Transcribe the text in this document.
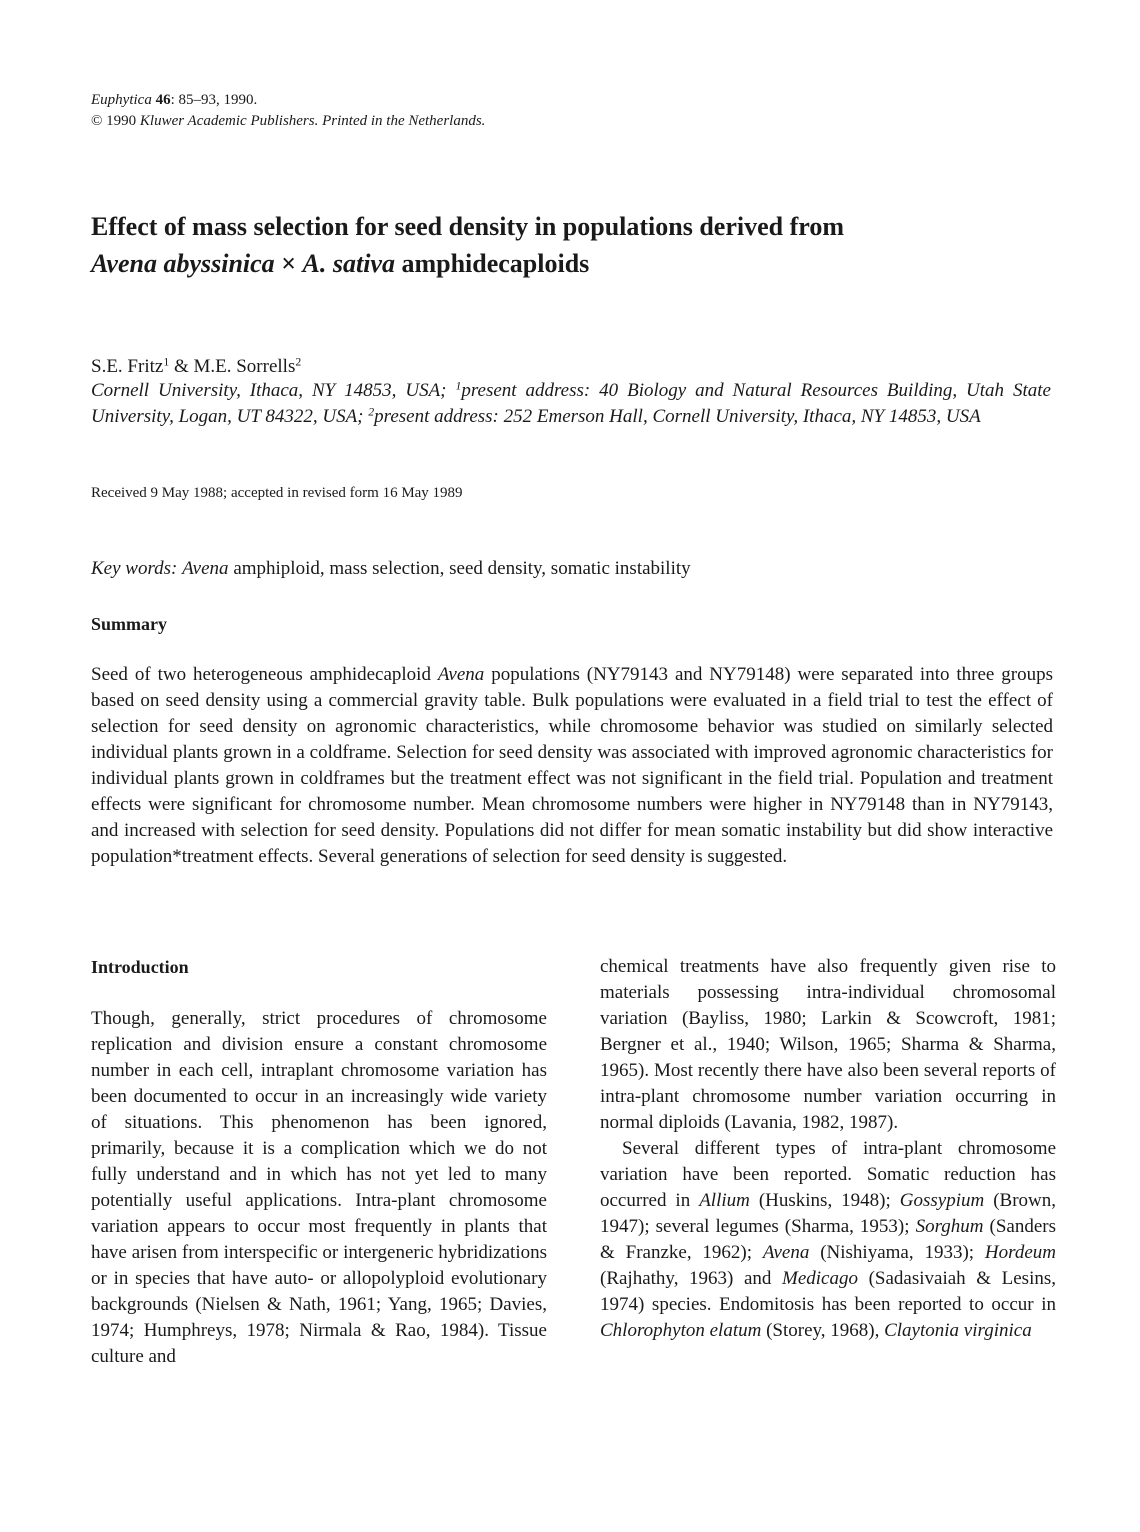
Euphytica 46: 85–93, 1990.
© 1990 Kluwer Academic Publishers. Printed in the Netherlands.
Effect of mass selection for seed density in populations derived from
Avena abyssinica × A. sativa amphidecaploids
S.E. Fritz$^1$ & M.E. Sorrells$^2$
Cornell University, Ithaca, NY 14853, USA; $^1$present address: 40 Biology and Natural Resources Building, Utah State University, Logan, UT 84322, USA; $^2$present address: 252 Emerson Hall, Cornell University, Ithaca, NY 14853, USA
Received 9 May 1988; accepted in revised form 16 May 1989
Key words: Avena amphiploid, mass selection, seed density, somatic instability
Summary
Seed of two heterogeneous amphidecaploid Avena populations (NY79143 and NY79148) were separated into three groups based on seed density using a commercial gravity table. Bulk populations were evaluated in a field trial to test the effect of selection for seed density on agronomic characteristics, while chromosome behavior was studied on similarly selected individual plants grown in a coldframe. Selection for seed density was associated with improved agronomic characteristics for individual plants grown in coldframes but the treatment effect was not significant in the field trial. Population and treatment effects were significant for chromosome number. Mean chromosome numbers were higher in NY79148 than in NY79143, and increased with selection for seed density. Populations did not differ for mean somatic instability but did show interactive population*treatment effects. Several generations of selection for seed density is suggested.
Introduction

Though, generally, strict procedures of chromosome replication and division ensure a constant chromosome number in each cell, intraplant chromosome variation has been documented to occur in an increasingly wide variety of situations. This phenomenon has been ignored, primarily, because it is a complication which we do not fully understand and in which has not yet led to many potentially useful applications. Intra-plant chromosome variation appears to occur most frequently in plants that have arisen from interspecific or intergeneric hybridizations or in species that have auto- or allopolyploid evolutionary backgrounds (Nielsen & Nath, 1961; Yang, 1965; Davies, 1974; Humphreys, 1978; Nirmala & Rao, 1984). Tissue culture and

chemical treatments have also frequently given rise to materials possessing intra-individual chromosomal variation (Bayliss, 1980; Larkin & Scowcroft, 1981; Bergner et al., 1940; Wilson, 1965; Sharma & Sharma, 1965). Most recently there have also been several reports of intra-plant chromosome number variation occurring in normal diploids (Lavania, 1982, 1987).

Several different types of intra-plant chromosome variation have been reported. Somatic reduction has occurred in Allium (Huskins, 1948); Gossypium (Brown, 1947); several legumes (Sharma, 1953); Sorghum (Sanders & Franzke, 1962); Avena (Nishiyama, 1933); Hordeum (Rajhathy, 1963) and Medicago (Sadasivaiah & Lesins, 1974) species. Endomitosis has been reported to occur in Chlorophyton elatum (Storey, 1968), Claytonia virginica
